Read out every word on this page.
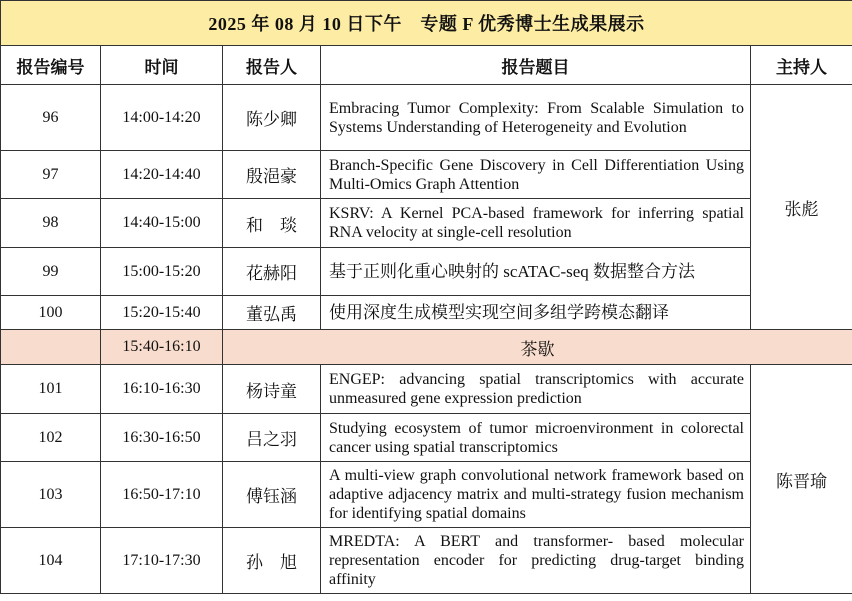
2025 年 08 月 10 日下午　专题 F 优秀博士生成果展示				
报告编号	时间	报告人	报告题目	主持人
96	14:00-14:20	陈少卿	Embracing Tumor Complexity: From Scalable Simulation to Systems Understanding of Heterogeneity and Evolution	张彪
97	14:20-14:40	殷浥豪	Branch-Specific Gene Discovery in Cell Differentiation Using Multi-Omics Graph Attention	

98	14:40-15:00	和　琰	KSRV: A Kernel PCA-based framework for inferring spatial RNA velocity at single-cell resolution	

99	15:00-15:20	花赫阳	基于正则化重心映射的 scATAC-seq 数据整合方法	

100	15:20-15:40	董弘禹	使用深度生成模型实现空间多组学跨模态翻译	

	15:40-16:10	茶歇		
101	16:10-16:30	杨诗童	ENGEP: advancing spatial transcriptomics with accurate unmeasured gene expression prediction	陈晋瑜
102	16:30-16:50	吕之羽	Studying ecosystem of tumor microenvironment in colorectal cancer using spatial transcriptomics	

103	16:50-17:10	傅钰涵	A multi-view graph convolutional network framework based on adaptive adjacency matrix and multi-strategy fusion mechanism for identifying spatial domains	

104	17:10-17:30	孙　旭	MREDTA: A BERT and transformer- based molecular representation encoder for predicting drug-target binding affinity	
